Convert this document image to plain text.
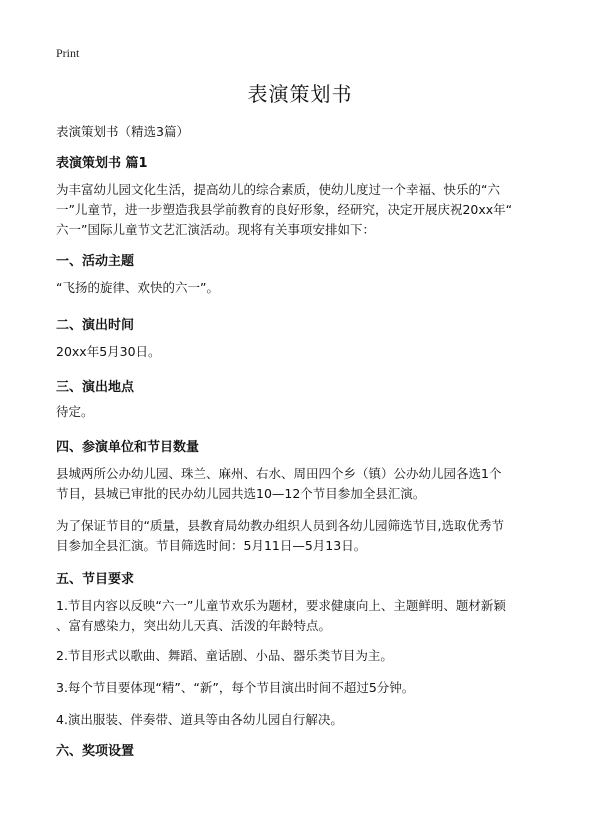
Print
表演策划书
表演策划书（精选3篇）
表演策划书 篇1
为丰富幼儿园文化生活，提高幼儿的综合素质，使幼儿度过一个幸福、快乐的“六
一”儿童节，进一步塑造我县学前教育的良好形象，经研究，决定开展庆祝20xx年“
六一”国际儿童节文艺汇演活动。现将有关事项安排如下：
一、活动主题
“飞扬的旋律、欢快的六一”。
二、演出时间
20xx年5月30日。
三、演出地点
待定。
四、参演单位和节目数量
县城两所公办幼儿园、珠兰、麻州、右水、周田四个乡（镇）公办幼儿园各选1个
节目，县城已审批的民办幼儿园共选10—12个节目参加全县汇演。
为了保证节目的“质量，县教育局幼教办组织人员到各幼儿园筛选节目,选取优秀节
目参加全县汇演。节目筛选时间：5月11日—5月13日。
五、节目要求
1.节目内容以反映“六一”儿童节欢乐为题材，要求健康向上、主题鲜明、题材新颖
、富有感染力，突出幼儿天真、活泼的年龄特点。
2.节目形式以歌曲、舞蹈、童话剧、小品、器乐类节目为主。
3.每个节目要体现“精”、“新”，每个节目演出时间不超过5分钟。
4.演出服装、伴奏带、道具等由各幼儿园自行解决。
六、奖项设置
